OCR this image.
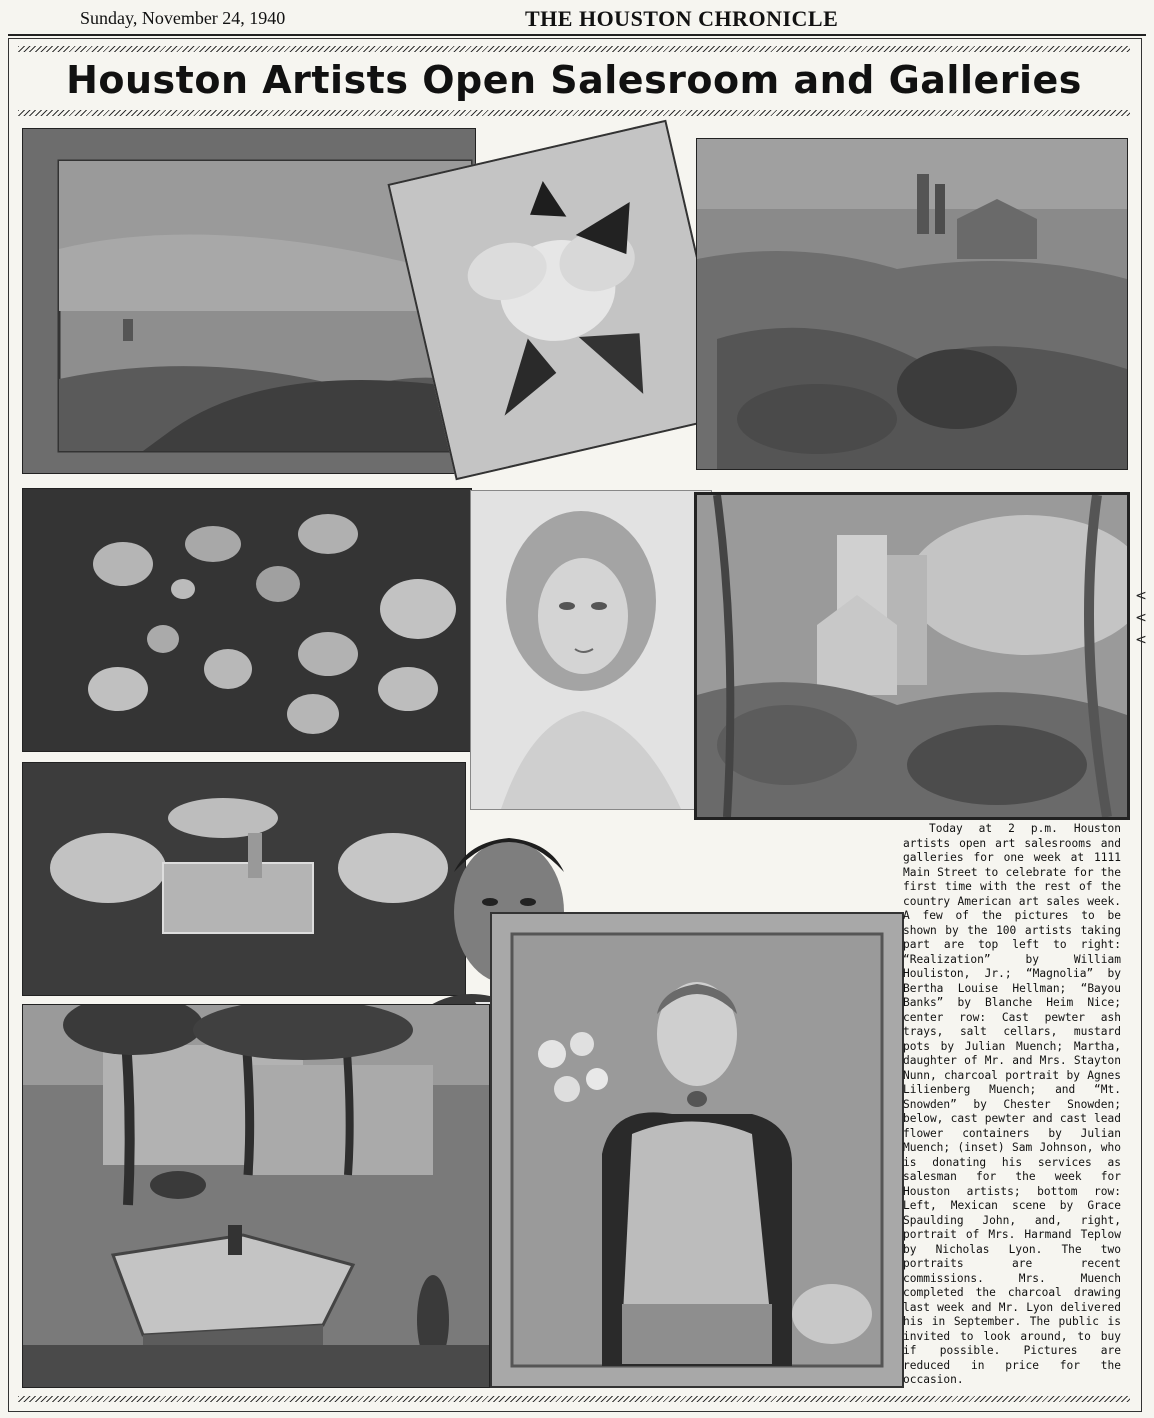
Sunday, November 24, 1940	THE HOUSTON CHRONICLE
Houston Artists Open Salesroom and Galleries

Today at 2 p.m. Houston artists open art salesrooms and galleries for one week at 1111 Main Street to celebrate for the first time with the rest of the country American art sales week. A few of the pictures to be shown by the 100 artists taking part are top left to right: “Realization” by William Houliston, Jr.; “Magnolia” by Bertha Louise Hellman; “Bayou Banks” by Blanche Heim Nice; center row: Cast pewter ash trays, salt cellars, mustard pots by Julian Muench; Martha, daughter of Mr. and Mrs. Stayton Nunn, charcoal portrait by Agnes Lilienberg Muench; and “Mt. Snowden” by Chester Snowden; below, cast pewter and cast lead flower containers by Julian Muench; (inset) Sam Johnson, who is donating his services as salesman for the week for Houston artists; bottom row: Left, Mexican scene by Grace Spaulding John, and, right, portrait of Mrs. Harmand Teplow by Nicholas Lyon. The two portraits are recent commissions. Mrs. Muench completed the charcoal drawing last week and Mr. Lyon delivered his in September. The public is invited to look around, to buy if possible. Pictures are reduced in price for the occasion.

<
<
<
